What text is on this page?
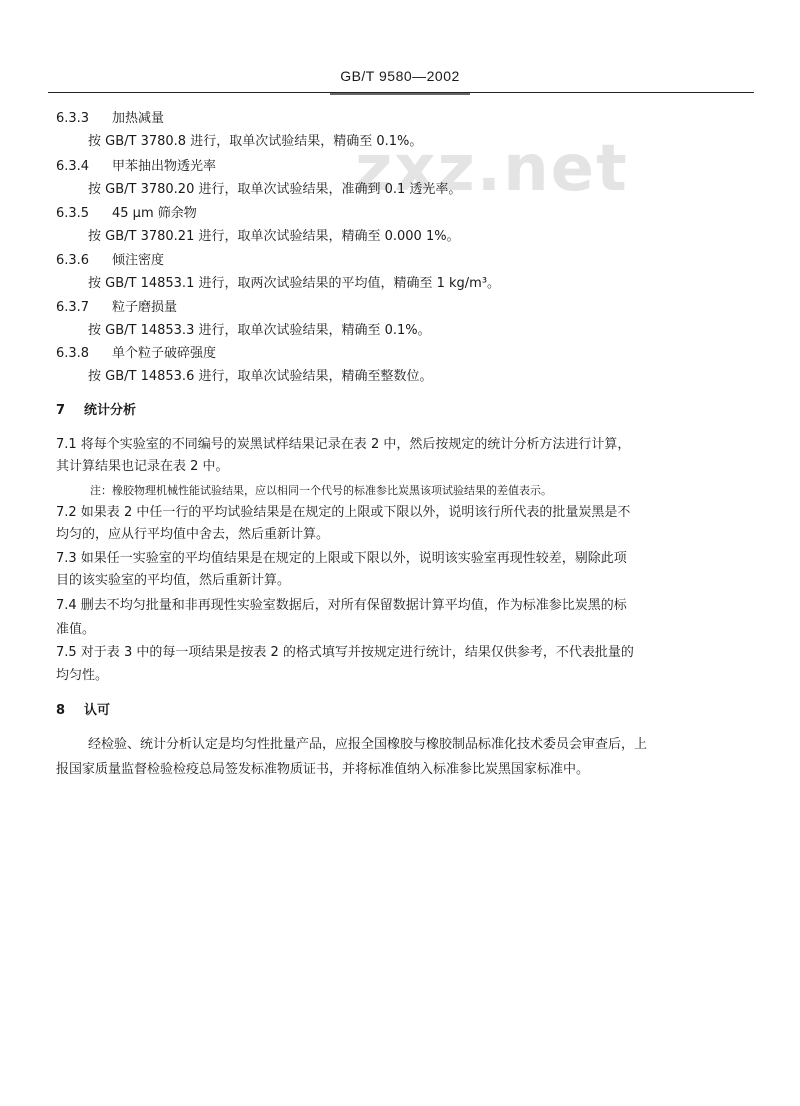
GB/T 9580—2002
zxz.net
6.3.3 加热减量
按 GB/T 3780.8 进行，取单次试验结果，精确至 0.1%。
6.3.4 甲苯抽出物透光率
按 GB/T 3780.20 进行，取单次试验结果，准确到 0.1 透光率。
6.3.5 45 μm 筛余物
按 GB/T 3780.21 进行，取单次试验结果，精确至 0.000 1%。
6.3.6 倾注密度
按 GB/T 14853.1 进行，取两次试验结果的平均值，精确至 1 kg/m³。
6.3.7 粒子磨损量
按 GB/T 14853.3 进行，取单次试验结果，精确至 0.1%。
6.3.8 单个粒子破碎强度
按 GB/T 14853.6 进行，取单次试验结果，精确至整数位。
7 统计分析
7.1 将每个实验室的不同编号的炭黑试样结果记录在表 2 中，然后按规定的统计分析方法进行计算，
其计算结果也记录在表 2 中。
注：橡胶物理机械性能试验结果，应以相同一个代号的标准参比炭黑该项试验结果的差值表示。
7.2 如果表 2 中任一行的平均试验结果是在规定的上限或下限以外，说明该行所代表的批量炭黑是不
均匀的，应从行平均值中舍去，然后重新计算。
7.3 如果任一实验室的平均值结果是在规定的上限或下限以外，说明该实验室再现性较差，剔除此项
目的该实验室的平均值，然后重新计算。
7.4 删去不均匀批量和非再现性实验室数据后，对所有保留数据计算平均值，作为标准参比炭黑的标
准值。
7.5 对于表 3 中的每一项结果是按表 2 的格式填写并按规定进行统计，结果仅供参考，不代表批量的
均匀性。
8 认可
经检验、统计分析认定是均匀性批量产品，应报全国橡胶与橡胶制品标准化技术委员会审查后，上
报国家质量监督检验检疫总局签发标准物质证书，并将标准值纳入标准参比炭黑国家标准中。
